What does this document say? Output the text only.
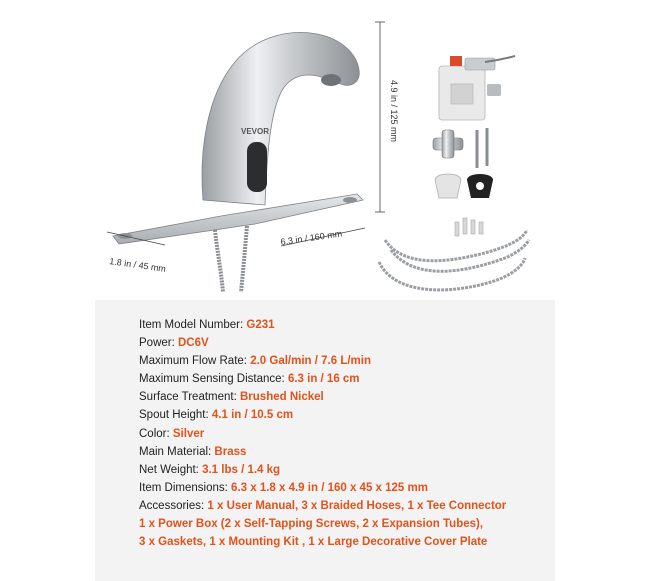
4.9 in / 125 mm
VEVOR
1.8 in / 45 mm
6.3 in / 160 mm
Item Model Number: G231
Power: DC6V
Maximum Flow Rate: 2.0 Gal/min / 7.6 L/min
Maximum Sensing Distance: 6.3 in / 16 cm
Surface Treatment: Brushed Nickel
Spout Height: 4.1 in / 10.5 cm
Color: Silver
Main Material: Brass
Net Weight: 3.1 lbs / 1.4 kg
Item Dimensions: 6.3 x 1.8 x 4.9 in / 160 x 45 x 125 mm
Accessories: 1 x User Manual, 3 x Braided Hoses, 1 x Tee Connector
1 x Power Box (2 x Self-Tapping Screws, 2 x Expansion Tubes),
3 x Gaskets, 1 x Mounting Kit , 1 x Large Decorative Cover Plate
